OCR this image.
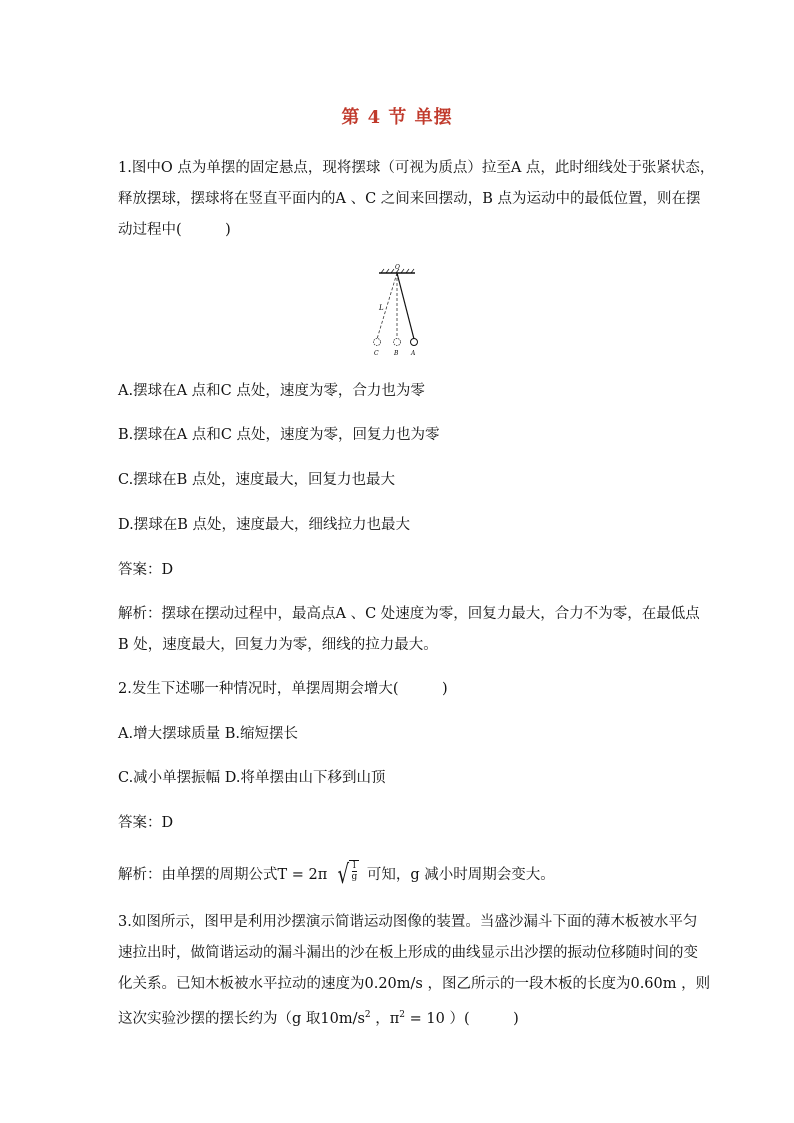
第 4 节 单摆
1.图中O 点为单摆的固定悬点，现将摆球（可视为质点）拉至A 点，此时细线处于张紧状态，
释放摆球，摆球将在竖直平面内的A 、C 之间来回摆动，B 点为运动中的最低位置，则在摆
动过程中(　　　)
O
L
C	B A
A.摆球在A 点和C 点处，速度为零，合力也为零
B.摆球在A 点和C 点处，速度为零，回复力也为零
C.摆球在B 点处，速度最大，回复力也最大
D.摆球在B 点处，速度最大，细线拉力也最大
答案：D
解析：摆球在摆动过程中，最高点A 、C 处速度为零，回复力最大，合力不为零，在最低点
B 处，速度最大，回复力为零，细线的拉力最大。
2.发生下述哪一种情况时，单摆周期会增大(　　　)
A.增大摆球质量 B.缩短摆长
C.减小单摆振幅 D.将单摆由山下移到山顶
答案：D
解析：由单摆的周期公式T = 2π √ $\frac{l}{g}$ 可知，g 减小时周期会变大。
3.如图所示，图甲是利用沙摆演示简谐运动图像的装置。当盛沙漏斗下面的薄木板被水平匀
速拉出时，做简谐运动的漏斗漏出的沙在板上形成的曲线显示出沙摆的振动位移随时间的变
化关系。已知木板被水平拉动的速度为0.20m/s ，图乙所示的一段木板的长度为0.60m ，则
这次实验沙摆的摆长约为（g 取$10m/s^2$ ，$\pi^2 = 10$ ）(　　　)
